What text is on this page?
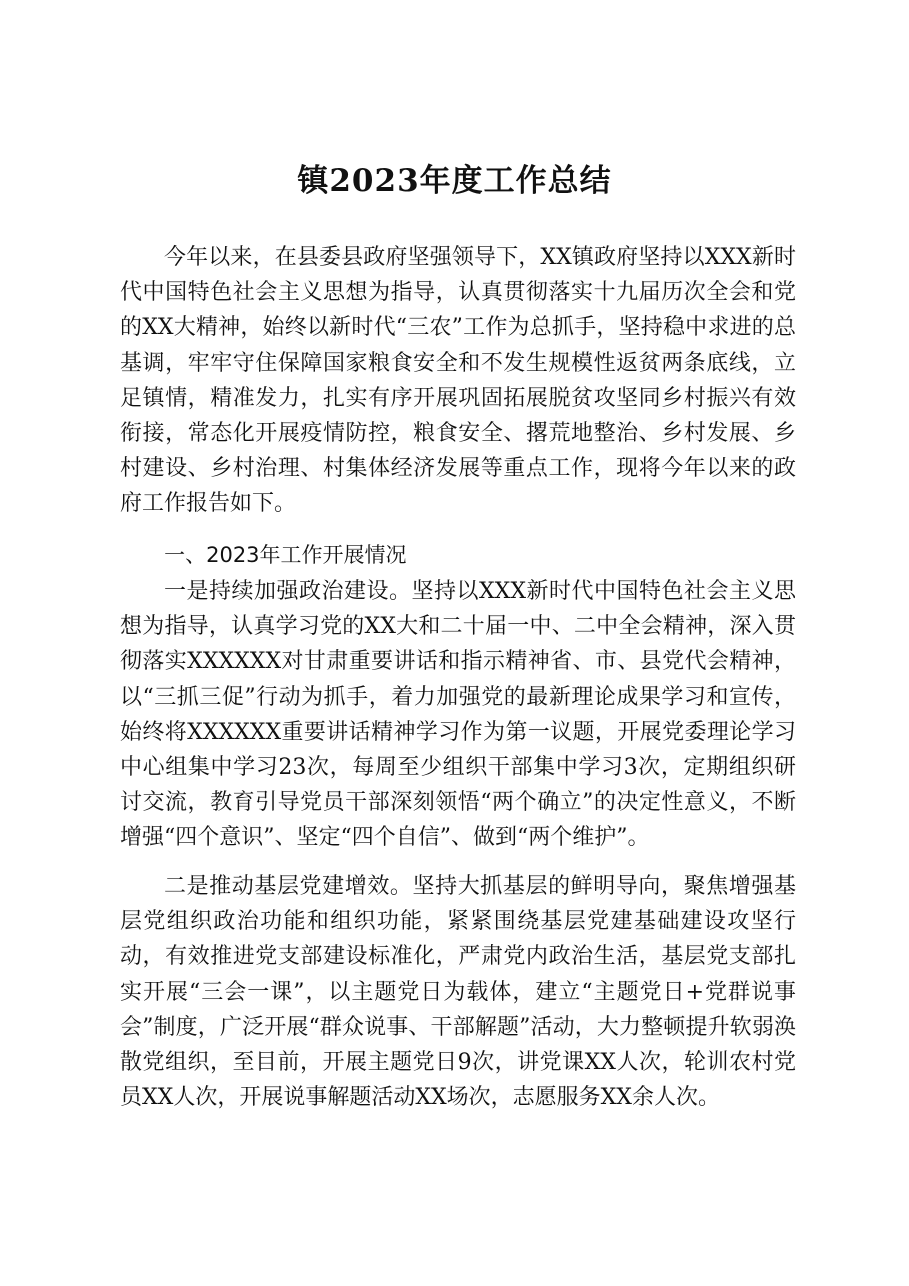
镇2023年度工作总结

今年以来，在县委县政府坚强领导下，XX镇政府坚持以XXX新时代中国特色社会主义思想为指导，认真贯彻落实十九届历次全会和党的XX大精神，始终以新时代“三农”工作为总抓手，坚持稳中求进的总基调，牢牢守住保障国家粮食安全和不发生规模性返贫两条底线，立足镇情，精准发力，扎实有序开展巩固拓展脱贫攻坚同乡村振兴有效衔接，常态化开展疫情防控，粮食安全、撂荒地整治、乡村发展、乡村建设、乡村治理、村集体经济发展等重点工作，现将今年以来的政府工作报告如下。

一、2023年工作开展情况

一是持续加强政治建设。坚持以XXX新时代中国特色社会主义思想为指导，认真学习党的XX大和二十届一中、二中全会精神，深入贯彻落实XXXXXX对甘肃重要讲话和指示精神省、市、县党代会精神，以“三抓三促”行动为抓手，着力加强党的最新理论成果学习和宣传，始终将XXXXXX重要讲话精神学习作为第一议题，开展党委理论学习中心组集中学习23次，每周至少组织干部集中学习3次，定期组织研讨交流，教育引导党员干部深刻领悟“两个确立”的决定性意义，不断增强“四个意识”、坚定“四个自信”、做到“两个维护”。

二是推动基层党建增效。坚持大抓基层的鲜明导向，聚焦增强基层党组织政治功能和组织功能，紧紧围绕基层党建基础建设攻坚行动，有效推进党支部建设标准化，严肃党内政治生活，基层党支部扎实开展“三会一课”，以主题党日为载体，建立“主题党日+党群说事会”制度，广泛开展“群众说事、干部解题”活动，大力整顿提升软弱涣散党组织，至目前，开展主题党日9次，讲党课XX人次，轮训农村党员XX人次，开展说事解题活动XX场次，志愿服务XX余人次。
